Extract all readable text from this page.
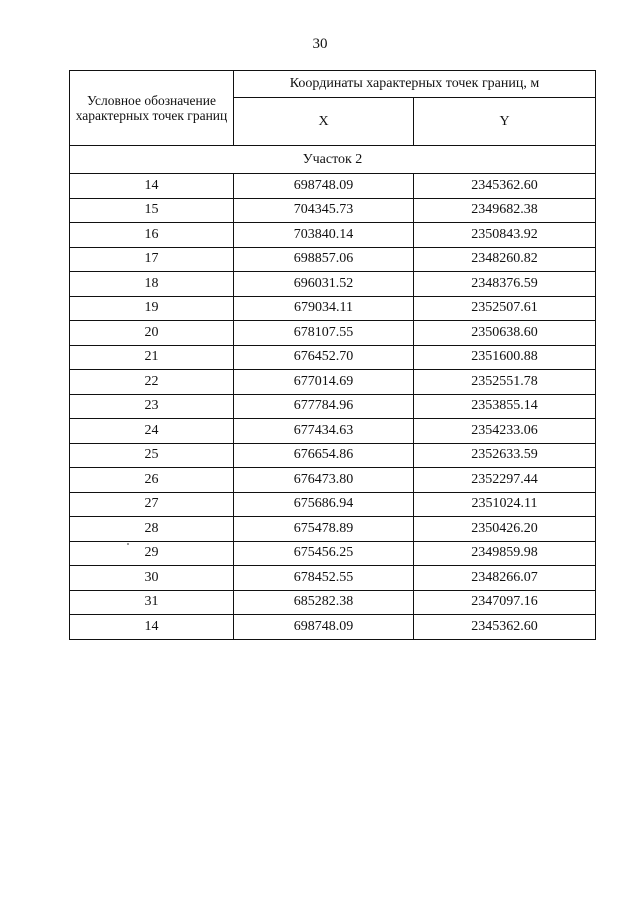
30
Условное обозначение характерных точек границ	Координаты характерных точек границ, м	
	X	Y
Участок 2		
14	698748.09	2345362.60
15	704345.73	2349682.38
16	703840.14	2350843.92
17	698857.06	2348260.82
18	696031.52	2348376.59
19	679034.11	2352507.61
20	678107.55	2350638.60
21	676452.70	2351600.88
22	677014.69	2352551.78
23	677784.96	2353855.14
24	677434.63	2354233.06
25	676654.86	2352633.59
26	676473.80	2352297.44
27	675686.94	2351024.11
28	675478.89	2350426.20
29	675456.25	2349859.98
30	678452.55	2348266.07
31	685282.38	2347097.16
14	698748.09	2345362.60
